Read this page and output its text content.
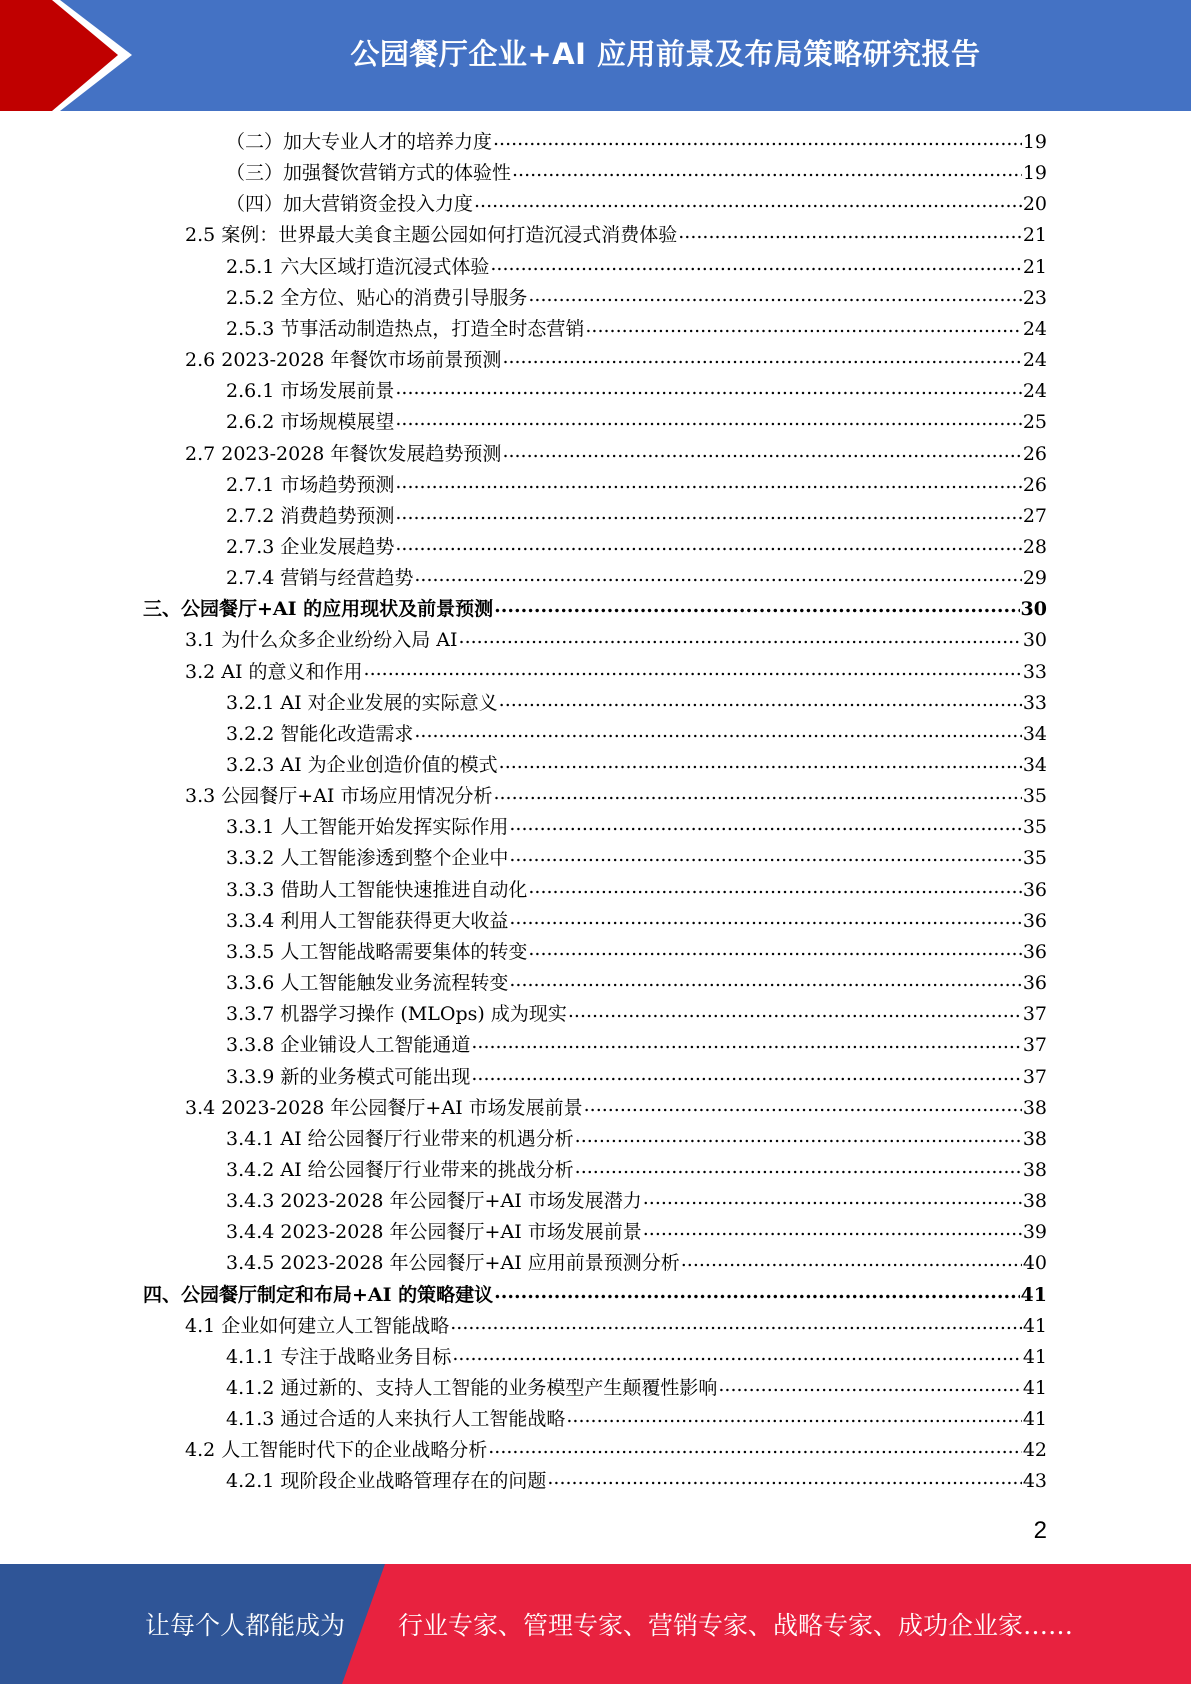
公园餐厅企业+AI 应用前景及布局策略研究报告
（二）加大专业人才的培养力度 .....	19
（三）加强餐饮营销方式的体验性 .....	19
（四）加大营销资金投入力度 .....	20
2.5 案例：世界最大美食主题公园如何打造沉浸式消费体验 .....	21
2.5.1 六大区域打造沉浸式体验 .....	21
2.5.2 全方位、贴心的消费引导服务 .....	23
2.5.3 节事活动制造热点，打造全时态营销 .....	24
2.6 2023-2028 年餐饮市场前景预测 .....	24
2.6.1 市场发展前景 .....	24
2.6.2 市场规模展望 .....	25
2.7 2023-2028 年餐饮发展趋势预测 .....	26
2.7.1 市场趋势预测 .....	26
2.7.2 消费趋势预测 .....	27
2.7.3 企业发展趋势 .....	28
2.7.4 营销与经营趋势 .....	29
三、公园餐厅+AI 的应用现状及前景预测 .....	30
3.1 为什么众多企业纷纷入局 AI .....	30
3.2 AI 的意义和作用 .....	33
3.2.1 AI 对企业发展的实际意义 .....	33
3.2.2 智能化改造需求 .....	34
3.2.3 AI 为企业创造价值的模式 .....	34
3.3 公园餐厅+AI 市场应用情况分析 .....	35
3.3.1 人工智能开始发挥实际作用 .....	35
3.3.2 人工智能渗透到整个企业中 .....	35
3.3.3 借助人工智能快速推进自动化 .....	36
3.3.4 利用人工智能获得更大收益 .....	36
3.3.5 人工智能战略需要集体的转变 .....	36
3.3.6 人工智能触发业务流程转变 .....	36
3.3.7 机器学习操作 (MLOps) 成为现实 .....	37
3.3.8 企业铺设人工智能通道 .....	37
3.3.9 新的业务模式可能出现 .....	37
3.4 2023-2028 年公园餐厅+AI 市场发展前景 .....	38
3.4.1 AI 给公园餐厅行业带来的机遇分析 .....	38
3.4.2 AI 给公园餐厅行业带来的挑战分析 .....	38
3.4.3 2023-2028 年公园餐厅+AI 市场发展潜力 .....	38
3.4.4 2023-2028 年公园餐厅+AI 市场发展前景 .....	39
3.4.5 2023-2028 年公园餐厅+AI 应用前景预测分析 .....	40
四、公园餐厅制定和布局+AI 的策略建议 .....	41
4.1 企业如何建立人工智能战略 .....	41
4.1.1 专注于战略业务目标 .....	41
4.1.2 通过新的、支持人工智能的业务模型产生颠覆性影响 .....	41
4.1.3 通过合适的人来执行人工智能战略 .....	41
4.2 人工智能时代下的企业战略分析 .....	42
4.2.1 现阶段企业战略管理存在的问题 .....	43
2
让每个人都能成为 行业专家、管理专家、营销专家、战略专家、成功企业家……
